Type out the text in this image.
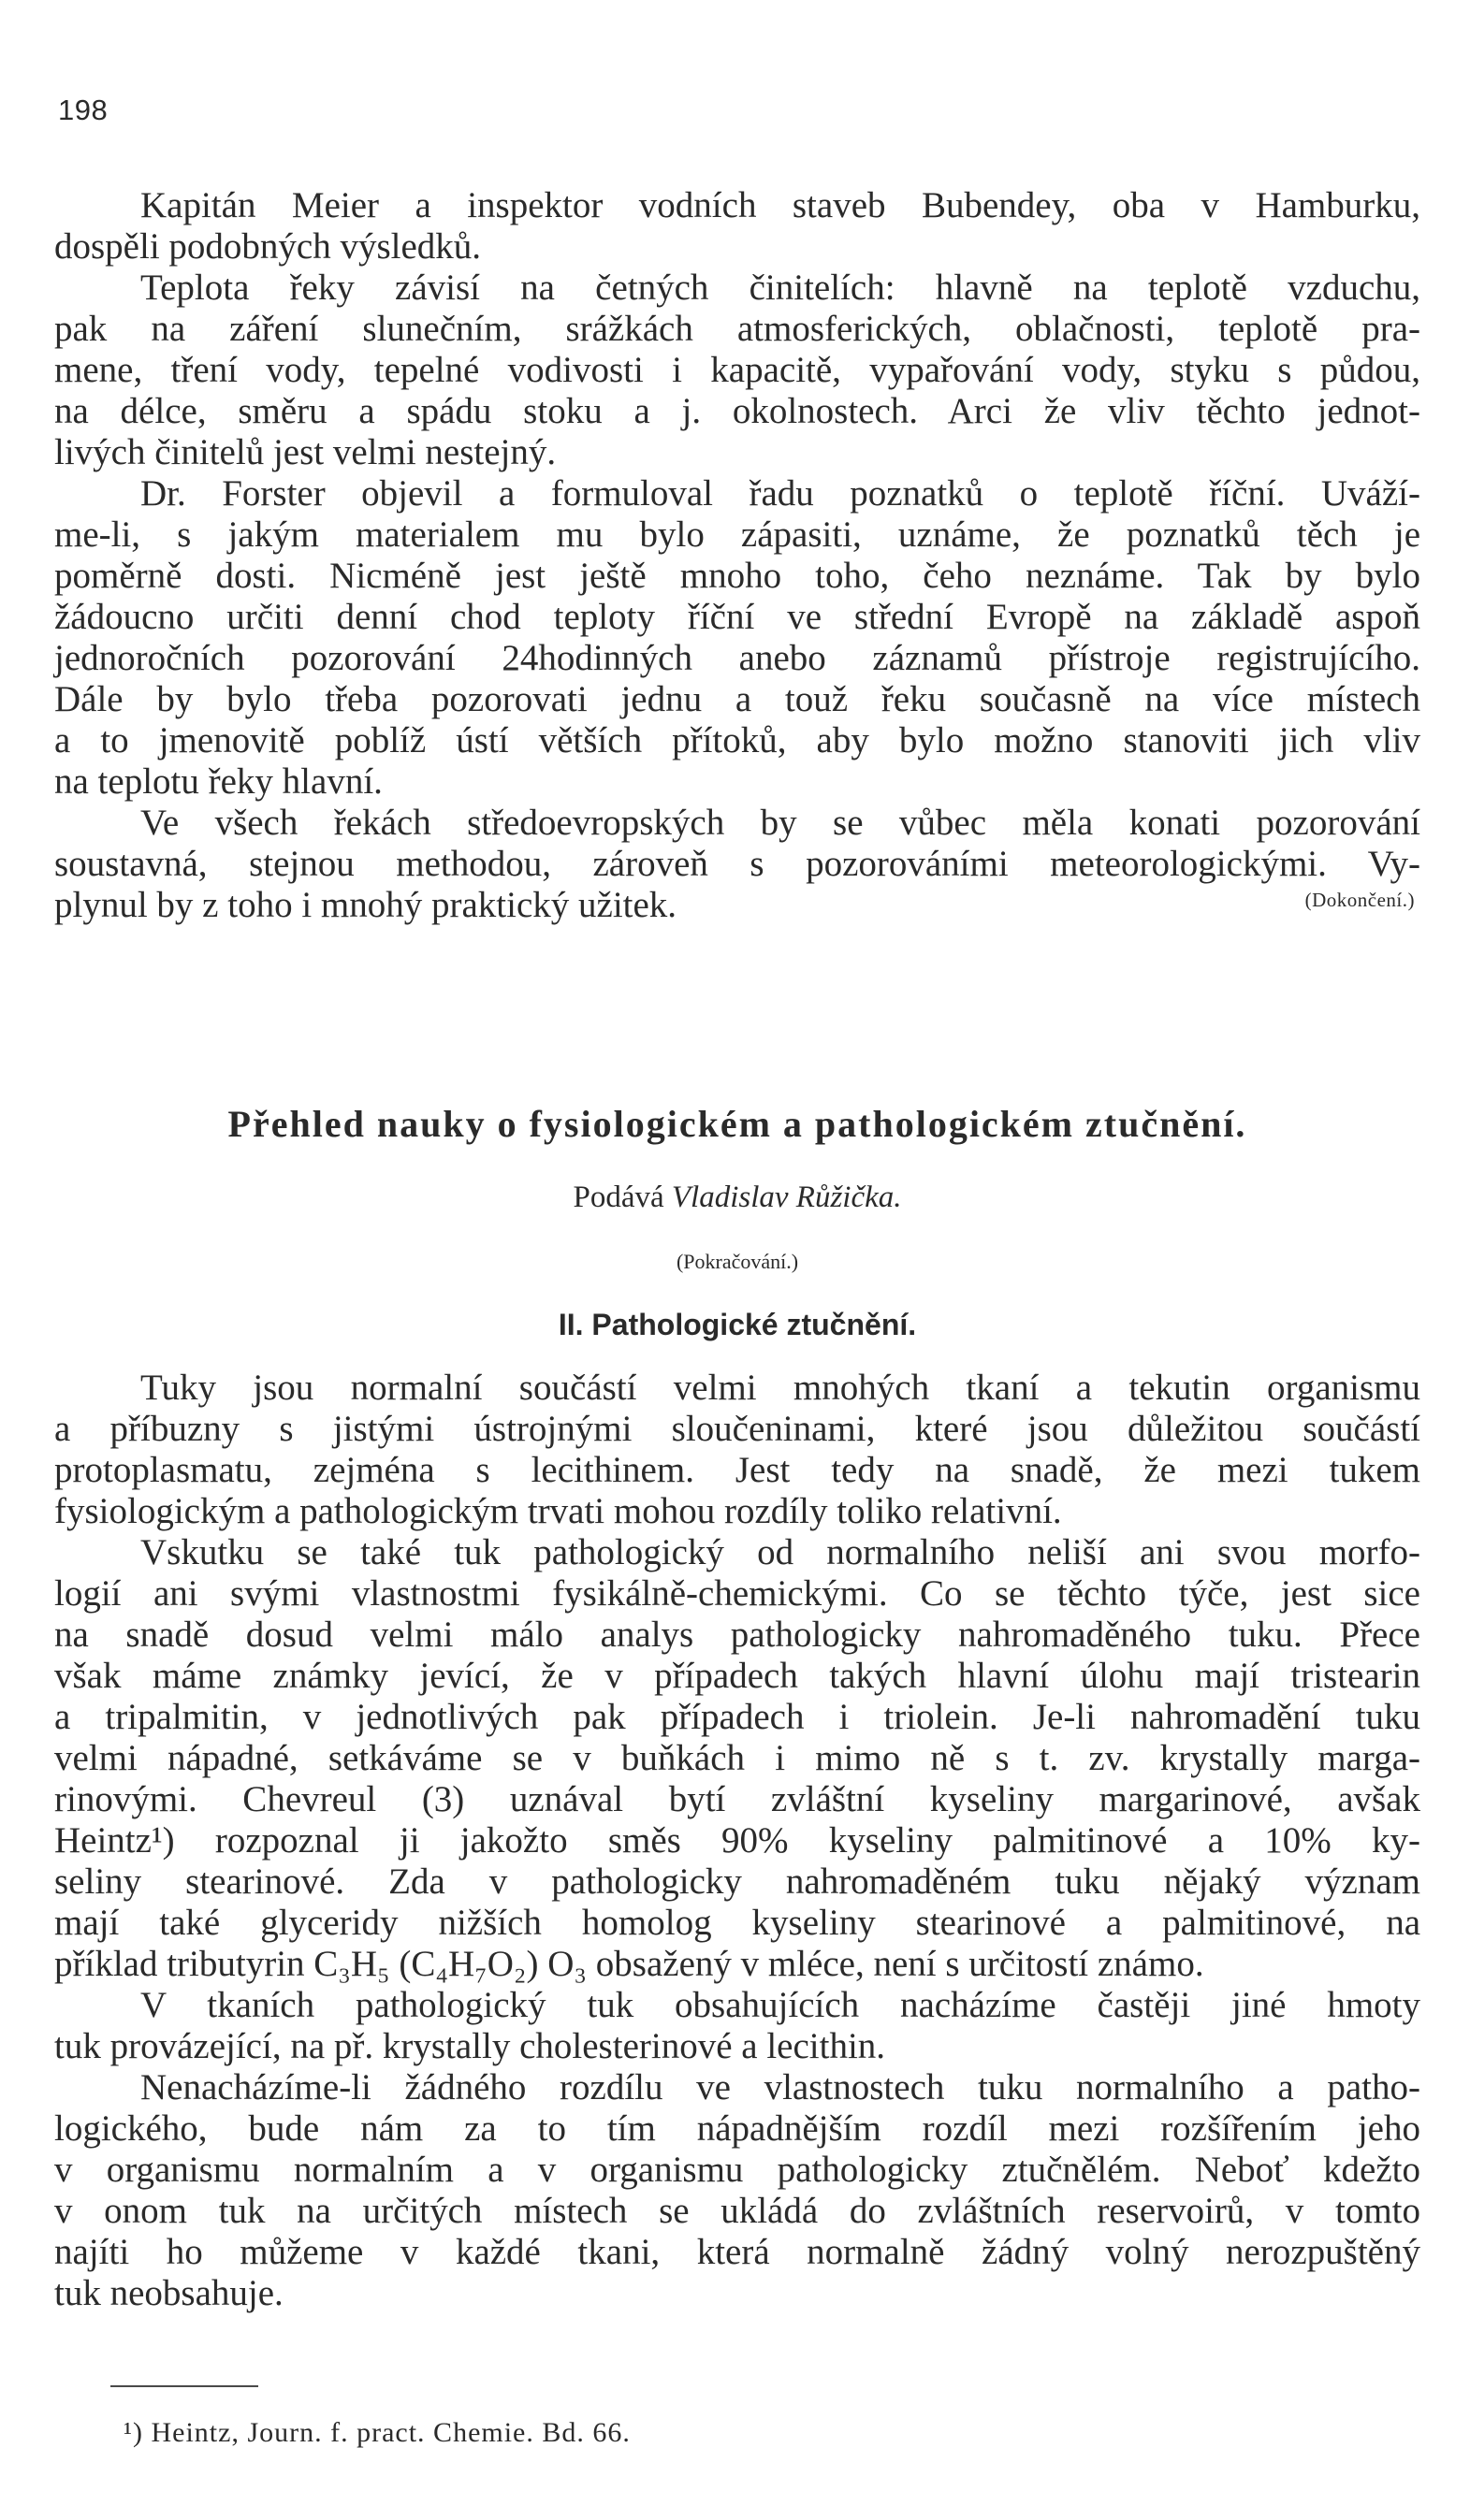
198

Kapitán Meier a inspektor vodních staveb Bubendey, oba v Hamburku,
dospěli podobných výsledků.

Teplota řeky závisí na četných činitelích: hlavně na teplotě vzduchu,
pak na záření slunečním, srážkách atmosferických, oblačnosti, teplotě pra-
mene, tření vody, tepelné vodivosti i kapacitě, vypařování vody, styku s půdou,
na délce, směru a spádu stoku a j. okolnostech. Arci že vliv těchto jednot-
livých činitelů jest velmi nestejný.

Dr. Forster objevil a formuloval řadu poznatků o teplotě říční. Uváží-
me-li, s jakým materialem mu bylo zápasiti, uznáme, že poznatků těch je
poměrně dosti. Nicméně jest ještě mnoho toho, čeho neznáme. Tak by bylo
žádoucno určiti denní chod teploty říční ve střední Evropě na základě aspoň
jednoročních pozorování 24hodinných anebo záznamů přístroje registrujícího.
Dále by bylo třeba pozorovati jednu a touž řeku současně na více místech
a to jmenovitě poblíž ústí větších přítoků, aby bylo možno stanoviti jich vliv
na teplotu řeky hlavní.

Ve všech řekách středoevropských by se vůbec měla konati pozorování
soustavná, stejnou methodou, zároveň s pozorováními meteorologickými. Vy-
plynul by z toho i mnohý praktický užitek.	(Dokončení.)

Přehled nauky o fysiologickém a pathologickém ztučnění.
Podává Vladislav Růžička.
(Pokračování.)
II. Pathologické ztučnění.

Tuky jsou normalní součástí velmi mnohých tkaní a tekutin organismu
a příbuzny s jistými ústrojnými sloučeninami, které jsou důležitou součástí
protoplasmatu, zejména s lecithinem. Jest tedy na snadě, že mezi tukem
fysiologickým a pathologickým trvati mohou rozdíly toliko relativní.

Vskutku se také tuk pathologický od normalního neliší ani svou morfo-
logií ani svými vlastnostmi fysikálně-chemickými. Co se těchto týče, jest sice
na snadě dosud velmi málo analys pathologicky nahromaděného tuku. Přece
však máme známky jevící, že v případech takých hlavní úlohu mají tristearin
a tripalmitin, v jednotlivých pak případech i triolein. Je-li nahromadění tuku
velmi nápadné, setkáváme se v buňkách i mimo ně s t. zv. krystally marga-
rinovými. Chevreul (3) uznával bytí zvláštní kyseliny margarinové, avšak
Heintz¹) rozpoznal ji jakožto směs 90% kyseliny palmitinové a 10% ky-
seliny stearinové. Zda v pathologicky nahromaděném tuku nějaký význam
mají také glyceridy nižších homolog kyseliny stearinové a palmitinové, na
příklad tributyrin C₃H₅ (C₄H₇O₂) O₃ obsažený v mléce, není s určitostí známo.

V tkaních pathologický tuk obsahujících nacházíme častěji jiné hmoty
tuk provázející, na př. krystally cholesterinové a lecithin.

Nenacházíme-li žádného rozdílu ve vlastnostech tuku normalního a patho-
logického, bude nám za to tím nápadnějším rozdíl mezi rozšířením jeho
v organismu normalním a v organismu pathologicky ztučnělém. Neboť kdežto
v onom tuk na určitých místech se ukládá do zvláštních reservoirů, v tomto
najíti ho můžeme v každé tkani, která normalně žádný volný nerozpuštěný
tuk neobsahuje.

¹) Heintz, Journ. f. pract. Chemie. Bd. 66.
